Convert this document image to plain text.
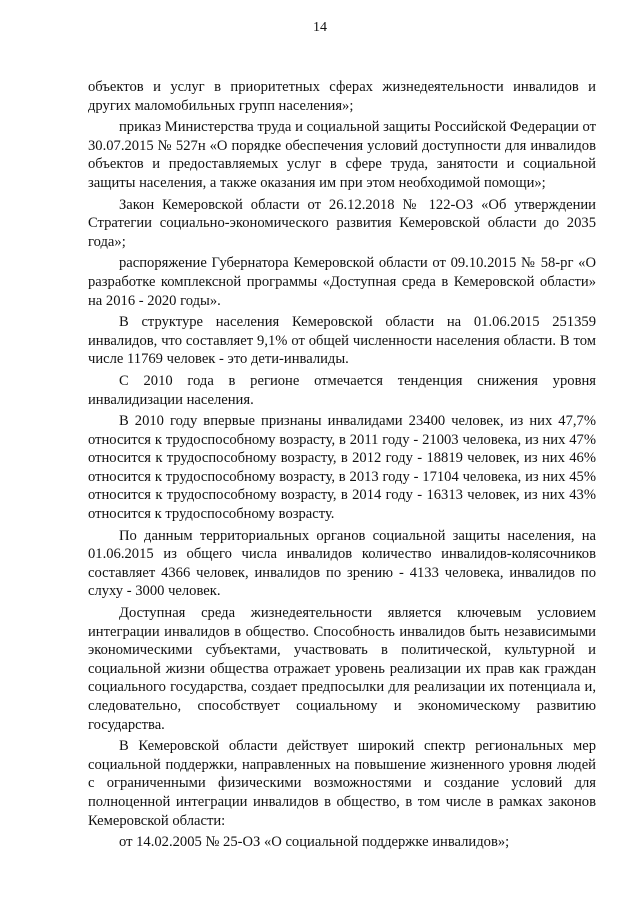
14

объектов и услуг в приоритетных сферах жизнедеятельности инвалидов и других маломобильных групп населения»;

приказ Министерства труда и социальной защиты Российской Федерации от 30.07.2015 № 527н «О порядке обеспечения условий доступности для инвалидов объектов и предоставляемых услуг в сфере труда, занятости и социальной защиты населения, а также оказания им при этом необходимой помощи»;

Закон Кемеровской области от 26.12.2018 № 122-ОЗ «Об утверждении Стратегии социально-экономического развития Кемеровской области до 2035 года»;

распоряжение Губернатора Кемеровской области от 09.10.2015 № 58-рг «О разработке комплексной программы «Доступная среда в Кемеровской области» на 2016 - 2020 годы».

В структуре населения Кемеровской области на 01.06.2015 251359 инвалидов, что составляет 9,1% от общей численности населения области. В том числе 11769 человек - это дети-инвалиды.

С 2010 года в регионе отмечается тенденция снижения уровня инвалидизации населения.

В 2010 году впервые признаны инвалидами 23400 человек, из них 47,7% относится к трудоспособному возрасту, в 2011 году - 21003 человека, из них 47% относится к трудоспособному возрасту, в 2012 году - 18819 человек, из них 46% относится к трудоспособному возрасту, в 2013 году - 17104 человека, из них 45% относится к трудоспособному возрасту, в 2014 году - 16313 человек, из них 43% относится к трудоспособному возрасту.

По данным территориальных органов социальной защиты населения, на 01.06.2015 из общего числа инвалидов количество инвалидов-колясочников составляет 4366 человек, инвалидов по зрению - 4133 человека, инвалидов по слуху - 3000 человек.

Доступная среда жизнедеятельности является ключевым условием интеграции инвалидов в общество. Способность инвалидов быть независимыми экономическими субъектами, участвовать в политической, культурной и социальной жизни общества отражает уровень реализации их прав как граждан социального государства, создает предпосылки для реализации их потенциала и, следовательно, способствует социальному и экономическому развитию государства.

В Кемеровской области действует широкий спектр региональных мер социальной поддержки, направленных на повышение жизненного уровня людей с ограниченными физическими возможностями и создание условий для полноценной интеграции инвалидов в общество, в том числе в рамках законов Кемеровской области:

от 14.02.2005 № 25-ОЗ «О социальной поддержке инвалидов»;
